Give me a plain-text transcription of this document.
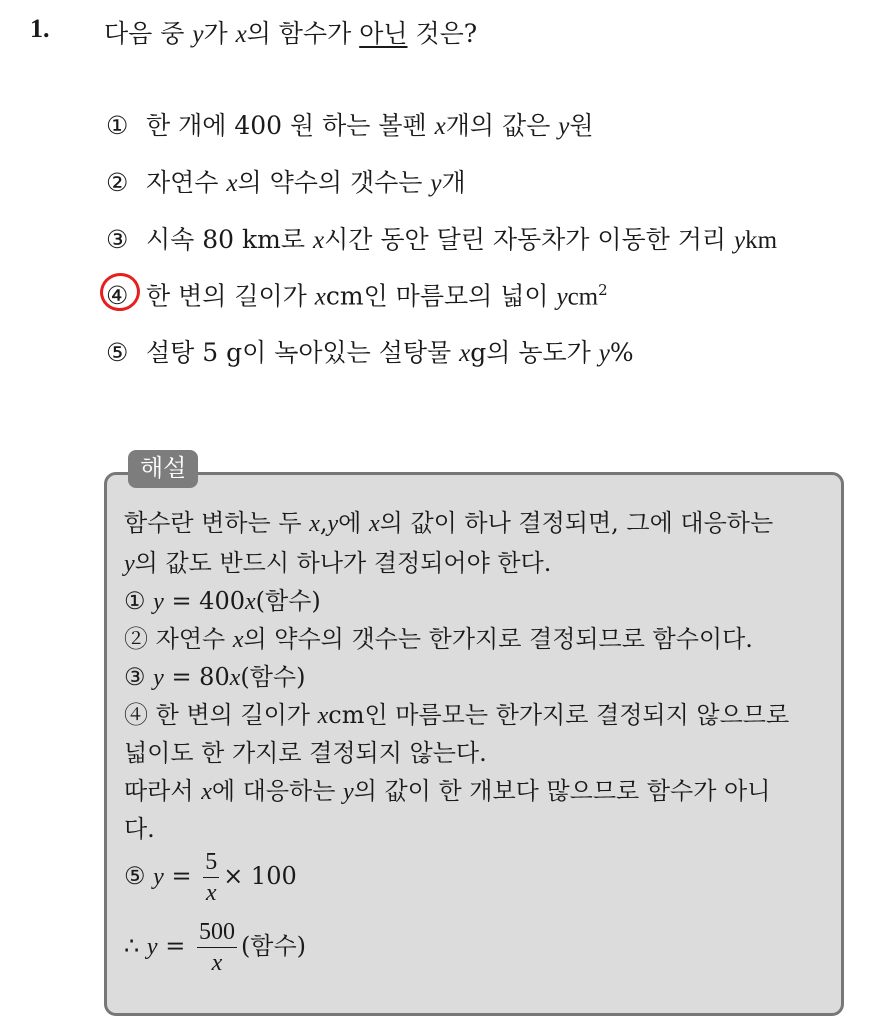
1. 다음 중 y가 x의 함수가 아닌 것은?
① 한 개에 400 원 하는 볼펜 x개의 값은 y원
② 자연수 x의 약수의 갯수는 y개
③ 시속 80 km로 x시간 동안 달린 자동차가 이동한 거리 ykm
④ 한 변의 길이가 xcm인 마름모의 넓이 ycm$^2$
⑤ 설탕 5 g이 녹아있는 설탕물 xg의 농도가 y%
해설
함수란 변하는 두 x,y에 x의 값이 하나 결정되면, 그에 대응하는
y의 값도 반드시 하나가 결정되어야 한다.
① y = 400x(함수)
② 자연수 x의 약수의 갯수는 한가지로 결정되므로 함수이다.
③ y = 80x(함수)
④ 한 변의 길이가 xcm인 마름모는 한가지로 결정되지 않으므로
넓이도 한 가지로 결정되지 않는다.
따라서 x에 대응하는 y의 값이 한 개보다 많으므로 함수가 아니
다.
⑤ $y = \frac{5}{x} \times 100$
∴ $y = \frac{500}{x}$ (함수)
